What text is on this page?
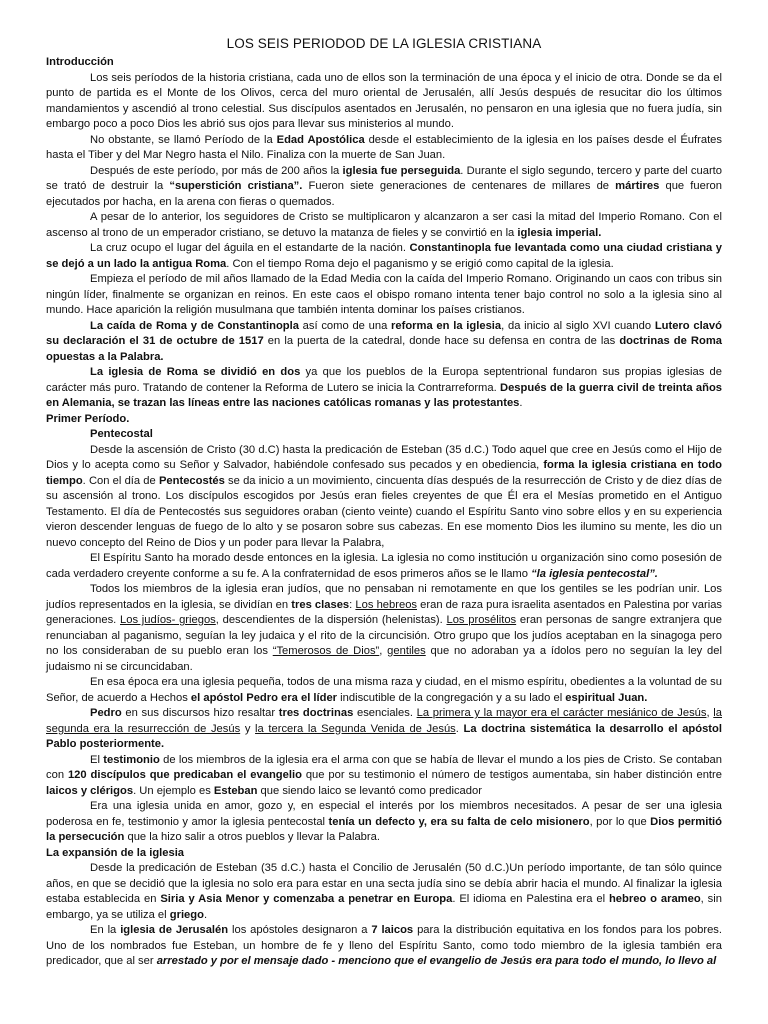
LOS SEIS PERIODOD DE LA IGLESIA CRISTIANA

Introducción

Los seis períodos de la historia cristiana, cada uno de ellos son la terminación de una época y el inicio de otra. Donde se da el punto de partida es el Monte de los Olivos, cerca del muro oriental de Jerusalén, allí Jesús después de resucitar dio los últimos mandamientos y ascendió al trono celestial. Sus discípulos asentados en Jerusalén, no pensaron en una iglesia que no fuera judía, sin embargo poco a poco Dios les abrió sus ojos para llevar sus ministerios al mundo.

No obstante, se llamó Período de la Edad Apostólica desde el establecimiento de la iglesia en los países desde el Éufrates hasta el Tiber y del Mar Negro hasta el Nilo. Finaliza con la muerte de San Juan.

Después de este período, por más de 200 años la iglesia fue perseguida. Durante el siglo segundo, tercero y parte del cuarto se trató de destruir la “superstición cristiana”. Fueron siete generaciones de centenares de millares de mártires que fueron ejecutados por hacha, en la arena con fieras o quemados.

A pesar de lo anterior, los seguidores de Cristo se multiplicaron y alcanzaron a ser casi la mitad del Imperio Romano. Con el ascenso al trono de un emperador cristiano, se detuvo la matanza de fieles y se convirtió en la iglesia imperial.

La cruz ocupo el lugar del águila en el estandarte de la nación. Constantinopla fue levantada como una ciudad cristiana y se dejó a un lado la antigua Roma. Con el tiempo Roma dejo el paganismo y se erigió como capital de la iglesia.

Empieza el período de mil años llamado de la Edad Media con la caída del Imperio Romano. Originando un caos con tribus sin ningún líder, finalmente se organizan en reinos. En este caos el obispo romano intenta tener bajo control no solo a la iglesia sino al mundo. Hace aparición la religión musulmana que también intenta dominar los países cristianos.

La caída de Roma y de Constantinopla así como de una reforma en la iglesia, da inicio al siglo XVI cuando Lutero clavó su declaración el 31 de octubre de 1517 en la puerta de la catedral, donde hace su defensa en contra de las doctrinas de Roma opuestas a la Palabra.

La iglesia de Roma se dividió en dos ya que los pueblos de la Europa septentrional fundaron sus propias iglesias de carácter más puro. Tratando de contener la Reforma de Lutero se inicia la Contrarreforma. Después de la guerra civil de treinta años en Alemania, se trazan las líneas entre las naciones católicas romanas y las protestantes.

Primer Período.

Pentecostal

Desde la ascensión de Cristo (30 d.C) hasta la predicación de Esteban (35 d.C.) Todo aquel que cree en Jesús como el Hijo de Dios y lo acepta como su Señor y Salvador, habiéndole confesado sus pecados y en obediencia, forma la iglesia cristiana en todo tiempo. Con el día de Pentecostés se da inicio a un movimiento, cincuenta días después de la resurrección de Cristo y de diez días de su ascensión al trono. Los discípulos escogidos por Jesús eran fieles creyentes de que Él era el Mesías prometido en el Antiguo Testamento. El día de Pentecostés sus seguidores oraban (ciento veinte) cuando el Espíritu Santo vino sobre ellos y en su experiencia vieron descender lenguas de fuego de lo alto y se posaron sobre sus cabezas. En ese momento Dios les ilumino su mente, les dio un nuevo concepto del Reino de Dios y un poder para llevar la Palabra,

El Espíritu Santo ha morado desde entonces en la iglesia. La iglesia no como institución u organización sino como posesión de cada verdadero creyente conforme a su fe. A la confraternidad de esos primeros años se le llamo “la iglesia pentecostal”.

Todos los miembros de la iglesia eran judíos, que no pensaban ni remotamente en que los gentiles se les podrían unir. Los judíos representados en la iglesia, se dividían en tres clases: Los hebreos eran de raza pura israelita asentados en Palestina por varias generaciones. Los judíos- griegos, descendientes de la dispersión (helenistas). Los prosélitos eran personas de sangre extranjera que renunciaban al paganismo, seguían la ley judaica y el rito de la circuncisión. Otro grupo que los judíos aceptaban en la sinagoga pero no los consideraban de su pueblo eran los “Temerosos de Dios”, gentiles que no adoraban ya a ídolos pero no seguían la ley del judaismo ni se circuncidaban.

En esa época era una iglesia pequeña, todos de una misma raza y ciudad, en el mismo espíritu, obedientes a la voluntad de su Señor, de acuerdo a Hechos el apóstol Pedro era el líder indiscutible de la congregación y a su lado el espiritual Juan.

Pedro en sus discursos hizo resaltar tres doctrinas esenciales. La primera y la mayor era el carácter mesiánico de Jesús, la segunda era la resurrección de Jesús y la tercera la Segunda Venida de Jesús. La doctrina sistemática la desarrollo el apóstol Pablo posteriormente.

El testimonio de los miembros de la iglesia era el arma con que se había de llevar el mundo a los pies de Cristo. Se contaban con 120 discípulos que predicaban el evangelio que por su testimonio el número de testigos aumentaba, sin haber distinción entre laicos y clérigos. Un ejemplo es Esteban que siendo laico se levantó como predicador

Era una iglesia unida en amor, gozo y, en especial el interés por los miembros necesitados. A pesar de ser una iglesia poderosa en fe, testimonio y amor la iglesia pentecostal tenía un defecto y, era su falta de celo misionero, por lo que Dios permitió la persecución que la hizo salir a otros pueblos y llevar la Palabra.

La expansión de la iglesia

Desde la predicación de Esteban (35 d.C.) hasta el Concilio de Jerusalén (50 d.C.)Un período importante, de tan sólo quince años, en que se decidió que la iglesia no solo era para estar en una secta judía sino se debía abrir hacia el mundo. Al finalizar la iglesia estaba establecida en Siria y Asia Menor y comenzaba a penetrar en Europa. El idioma en Palestina era el hebreo o arameo, sin embargo, ya se utiliza el griego.

En la iglesia de Jerusalén los apóstoles designaron a 7 laicos para la distribución equitativa en los fondos para los pobres. Uno de los nombrados fue Esteban, un hombre de fe y lleno del Espíritu Santo, como todo miembro de la iglesia también era predicador, que al ser arrestado y por el mensaje dado - menciono que el evangelio de Jesús era para todo el mundo, lo llevo al
